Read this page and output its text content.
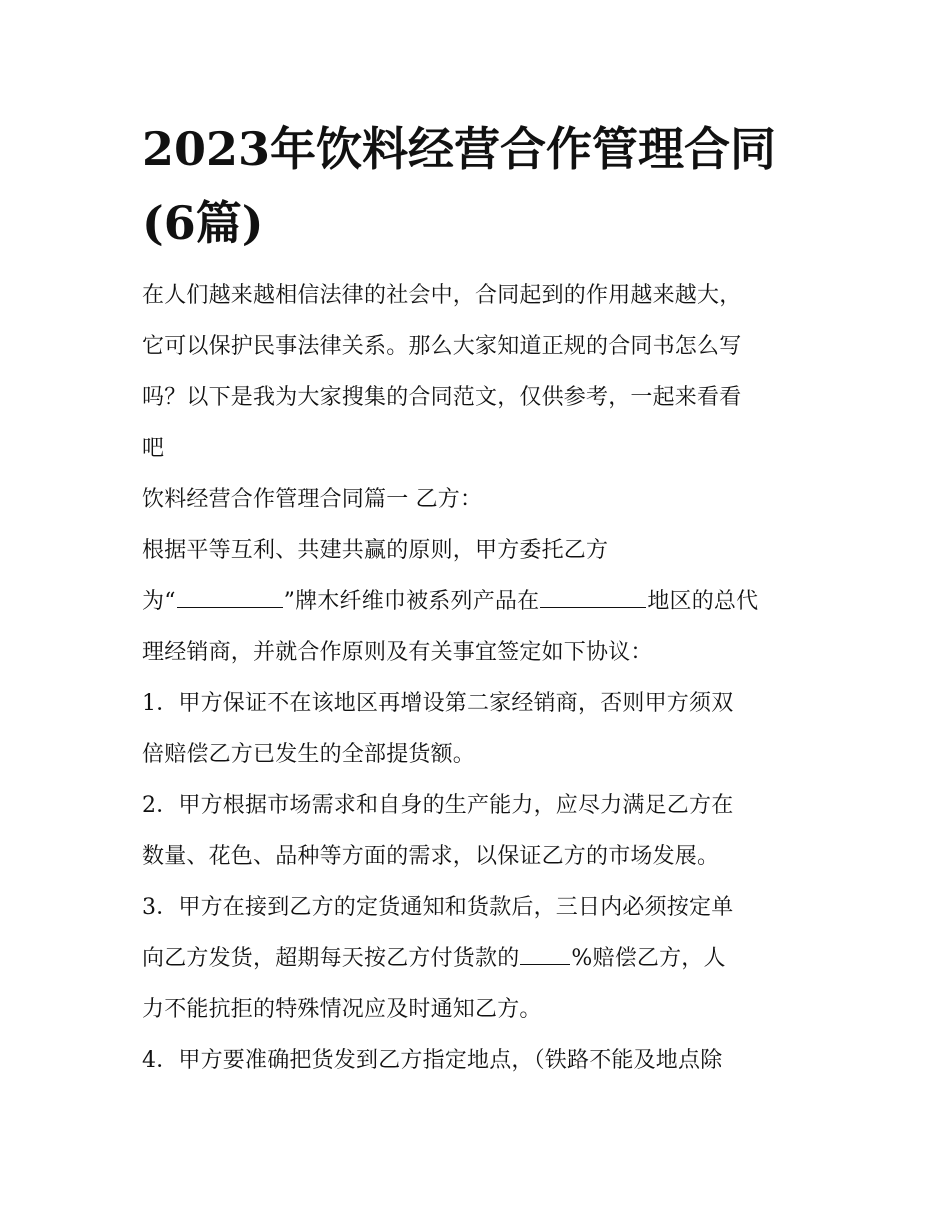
2023年饮料经营合作管理合同
(6篇)
在人们越来越相信法律的社会中，合同起到的作用越来越大，
它可以保护民事法律关系。那么大家知道正规的合同书怎么写
吗？以下是我为大家搜集的合同范文，仅供参考，一起来看看
吧
饮料经营合作管理合同篇一 乙方：
根据平等互利、共建共赢的原则，甲方委托乙方
为“	”牌木纤维巾被系列产品在	地区的总代
理经销商，并就合作原则及有关事宜签定如下协议：
1．甲方保证不在该地区再增设第二家经销商，否则甲方须双
倍赔偿乙方已发生的全部提货额。
2．甲方根据市场需求和自身的生产能力，应尽力满足乙方在
数量、花色、品种等方面的需求，以保证乙方的市场发展。
3．甲方在接到乙方的定货通知和货款后，三日内必须按定单
向乙方发货，超期每天按乙方付货款的 %赔偿乙方，人
力不能抗拒的特殊情况应及时通知乙方。
4．甲方要准确把货发到乙方指定地点，（铁路不能及地点除
